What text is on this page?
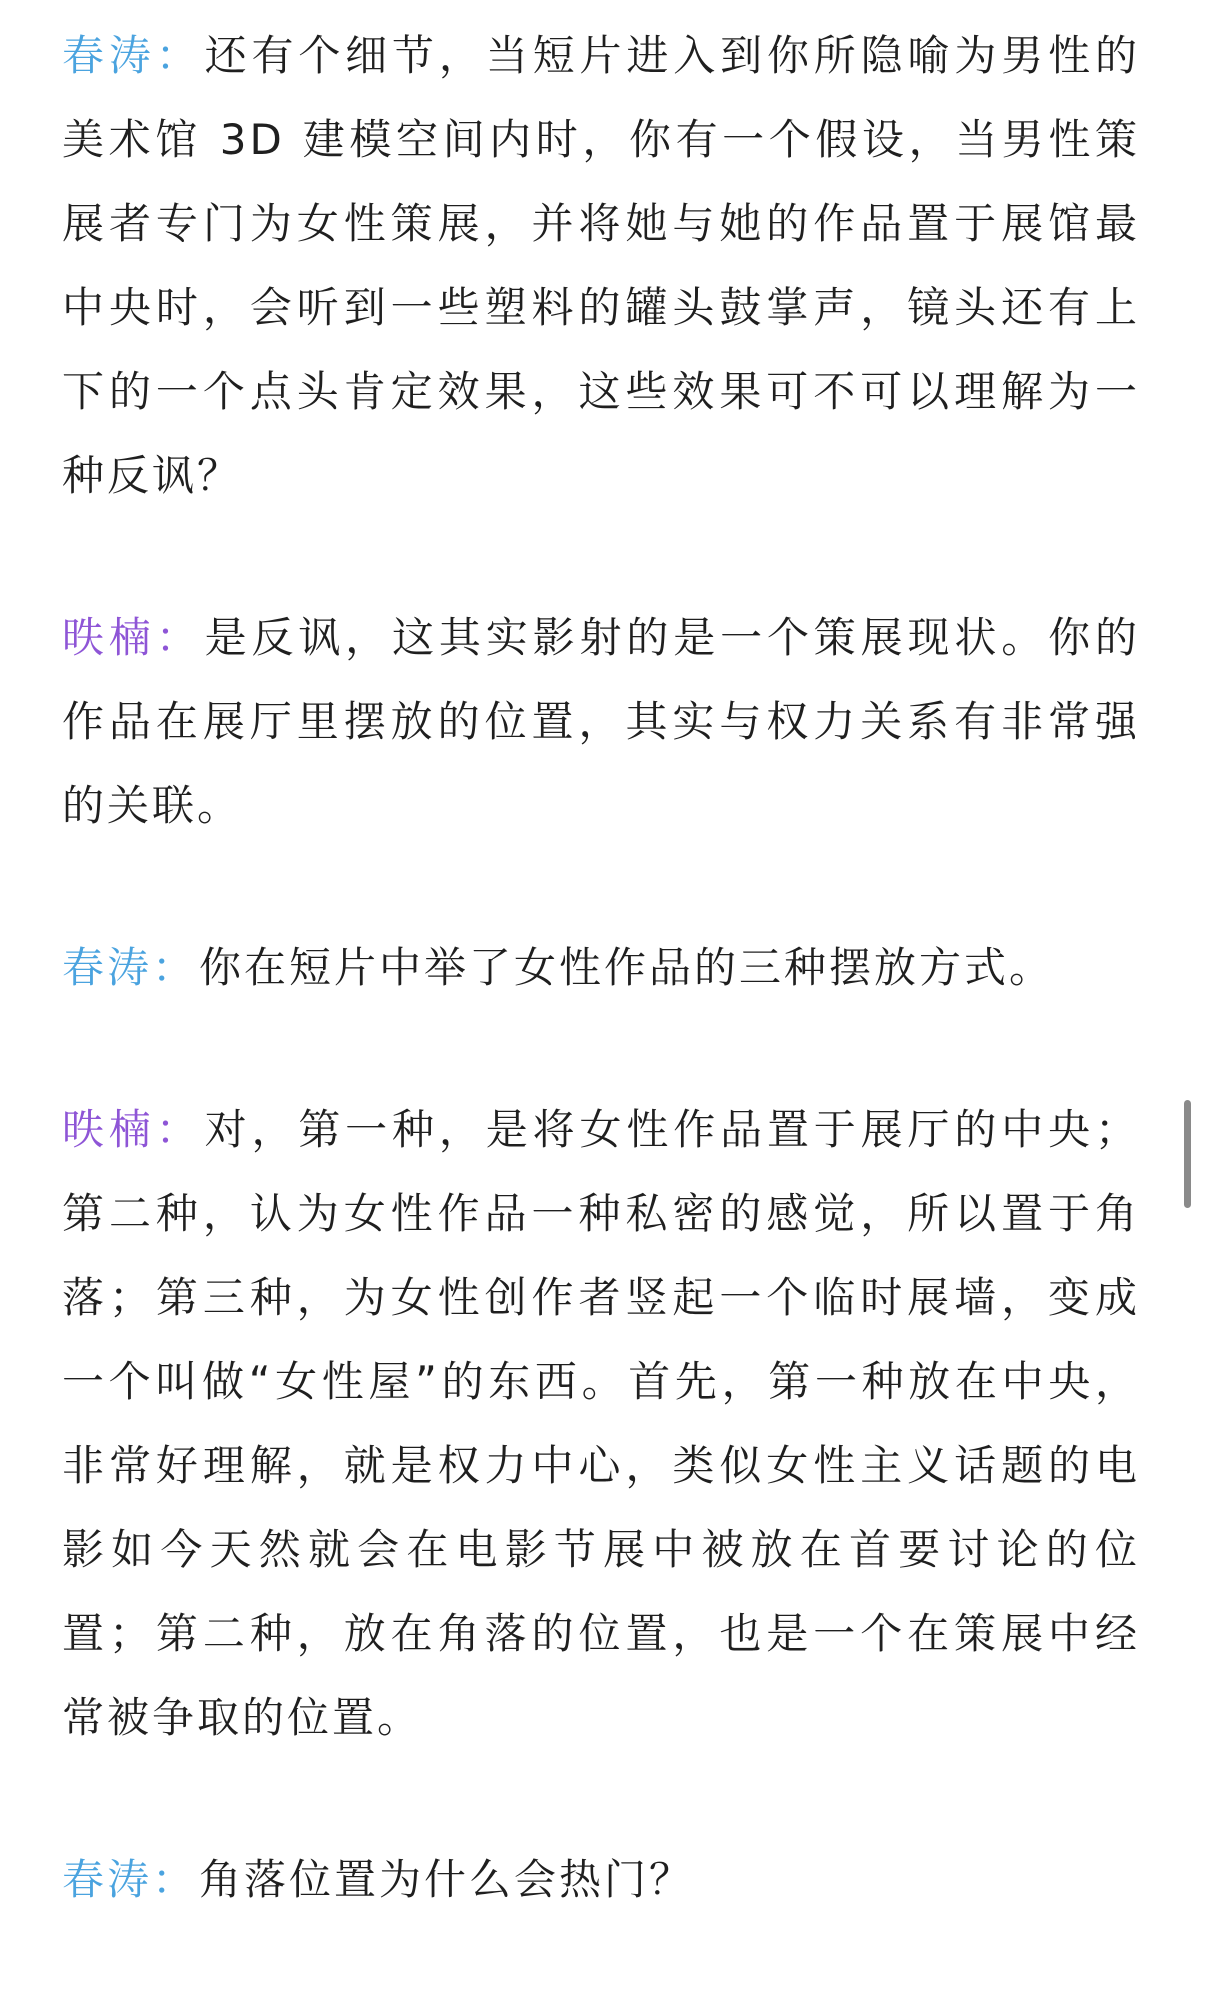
春涛：还有个细节，当短片进入到你所隐喻为男性的美术馆 3D 建模空间内时，你有一个假设，当男性策展者专门为女性策展，并将她与她的作品置于展馆最中央时，会听到一些塑料的罐头鼓掌声，镜头还有上下的一个点头肯定效果，这些效果可不可以理解为一种反讽？

昳楠：是反讽，这其实影射的是一个策展现状。你的作品在展厅里摆放的位置，其实与权力关系有非常强的关联。

春涛：你在短片中举了女性作品的三种摆放方式。

昳楠：对，第一种，是将女性作品置于展厅的中央；第二种，认为女性作品一种私密的感觉，所以置于角落；第三种，为女性创作者竖起一个临时展墙，变成一个叫做“女性屋”的东西。首先，第一种放在中央，非常好理解，就是权力中心，类似女性主义话题的电影如今天然就会在电影节展中被放在首要讨论的位置；第二种，放在角落的位置，也是一个在策展中经常被争取的位置。

春涛：角落位置为什么会热门？
